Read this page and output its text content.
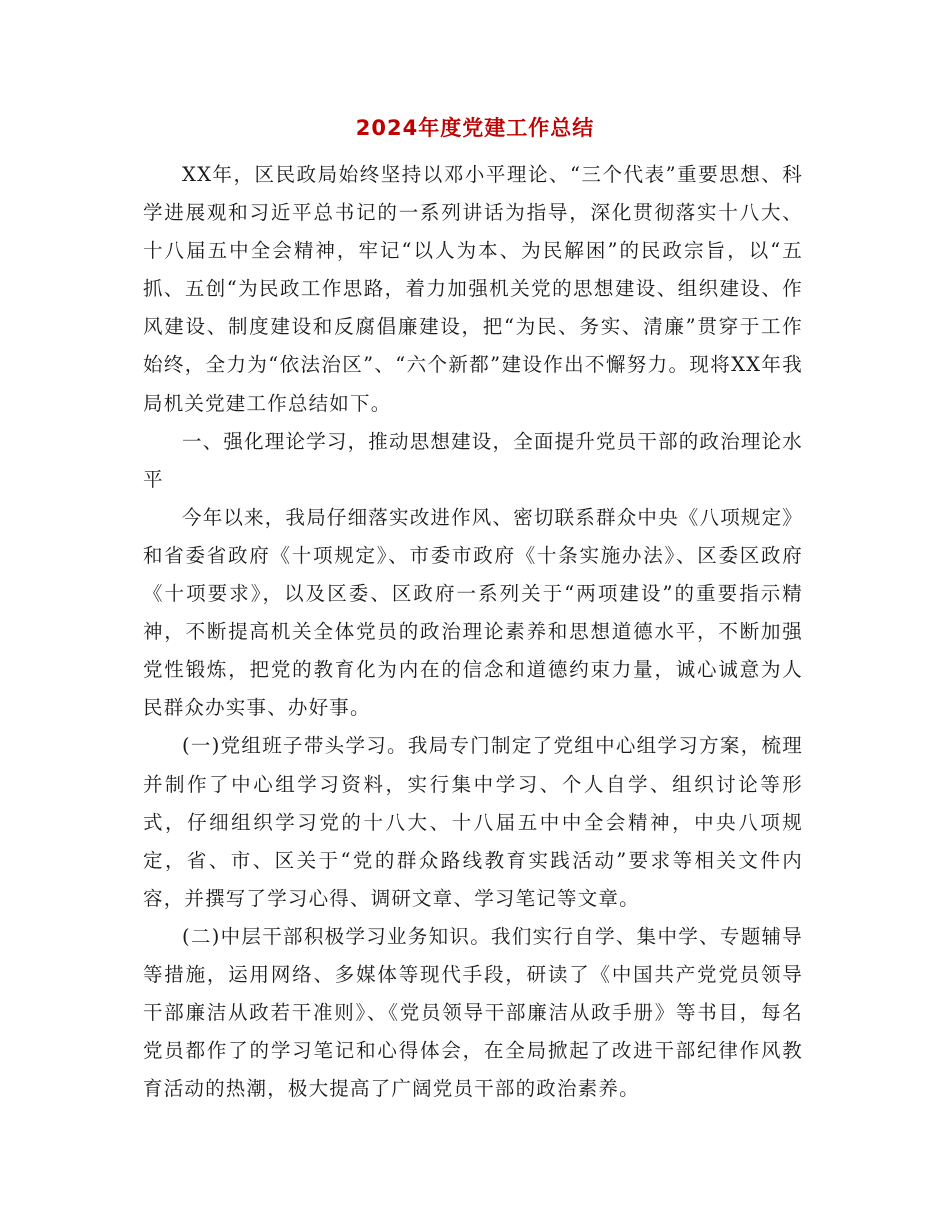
2024年度党建工作总结

XX年，区民政局始终坚持以邓小平理论、“三个代表”重要思想、科学进展观和习近平总书记的一系列讲话为指导，深化贯彻落实十八大、十八届五中全会精神，牢记“以人为本、为民解困”的民政宗旨，以“五抓、五创“为民政工作思路，着力加强机关党的思想建设、组织建设、作风建设、制度建设和反腐倡廉建设，把“为民、务实、清廉”贯穿于工作始终，全力为“依法治区”、“六个新都”建设作出不懈努力。现将XX年我局机关党建工作总结如下。

一、强化理论学习，推动思想建设，全面提升党员干部的政治理论水平

今年以来，我局仔细落实改进作风、密切联系群众中央《八项规定》和省委省政府《十项规定》、市委市政府《十条实施办法》、区委区政府《十项要求》，以及区委、区政府一系列关于“两项建设”的重要指示精神，不断提高机关全体党员的政治理论素养和思想道德水平，不断加强党性锻炼，把党的教育化为内在的信念和道德约束力量，诚心诚意为人民群众办实事、办好事。

(一)党组班子带头学习。我局专门制定了党组中心组学习方案，梳理并制作了中心组学习资料，实行集中学习、个人自学、组织讨论等形式，仔细组织学习党的十八大、十八届五中中全会精神，中央八项规定，省、市、区关于“党的群众路线教育实践活动”要求等相关文件内容，并撰写了学习心得、调研文章、学习笔记等文章。

(二)中层干部积极学习业务知识。我们实行自学、集中学、专题辅导等措施，运用网络、多媒体等现代手段，研读了《中国共产党党员领导干部廉洁从政若干准则》、《党员领导干部廉洁从政手册》等书目，每名党员都作了的学习笔记和心得体会，在全局掀起了改进干部纪律作风教育活动的热潮，极大提高了广阔党员干部的政治素养。
